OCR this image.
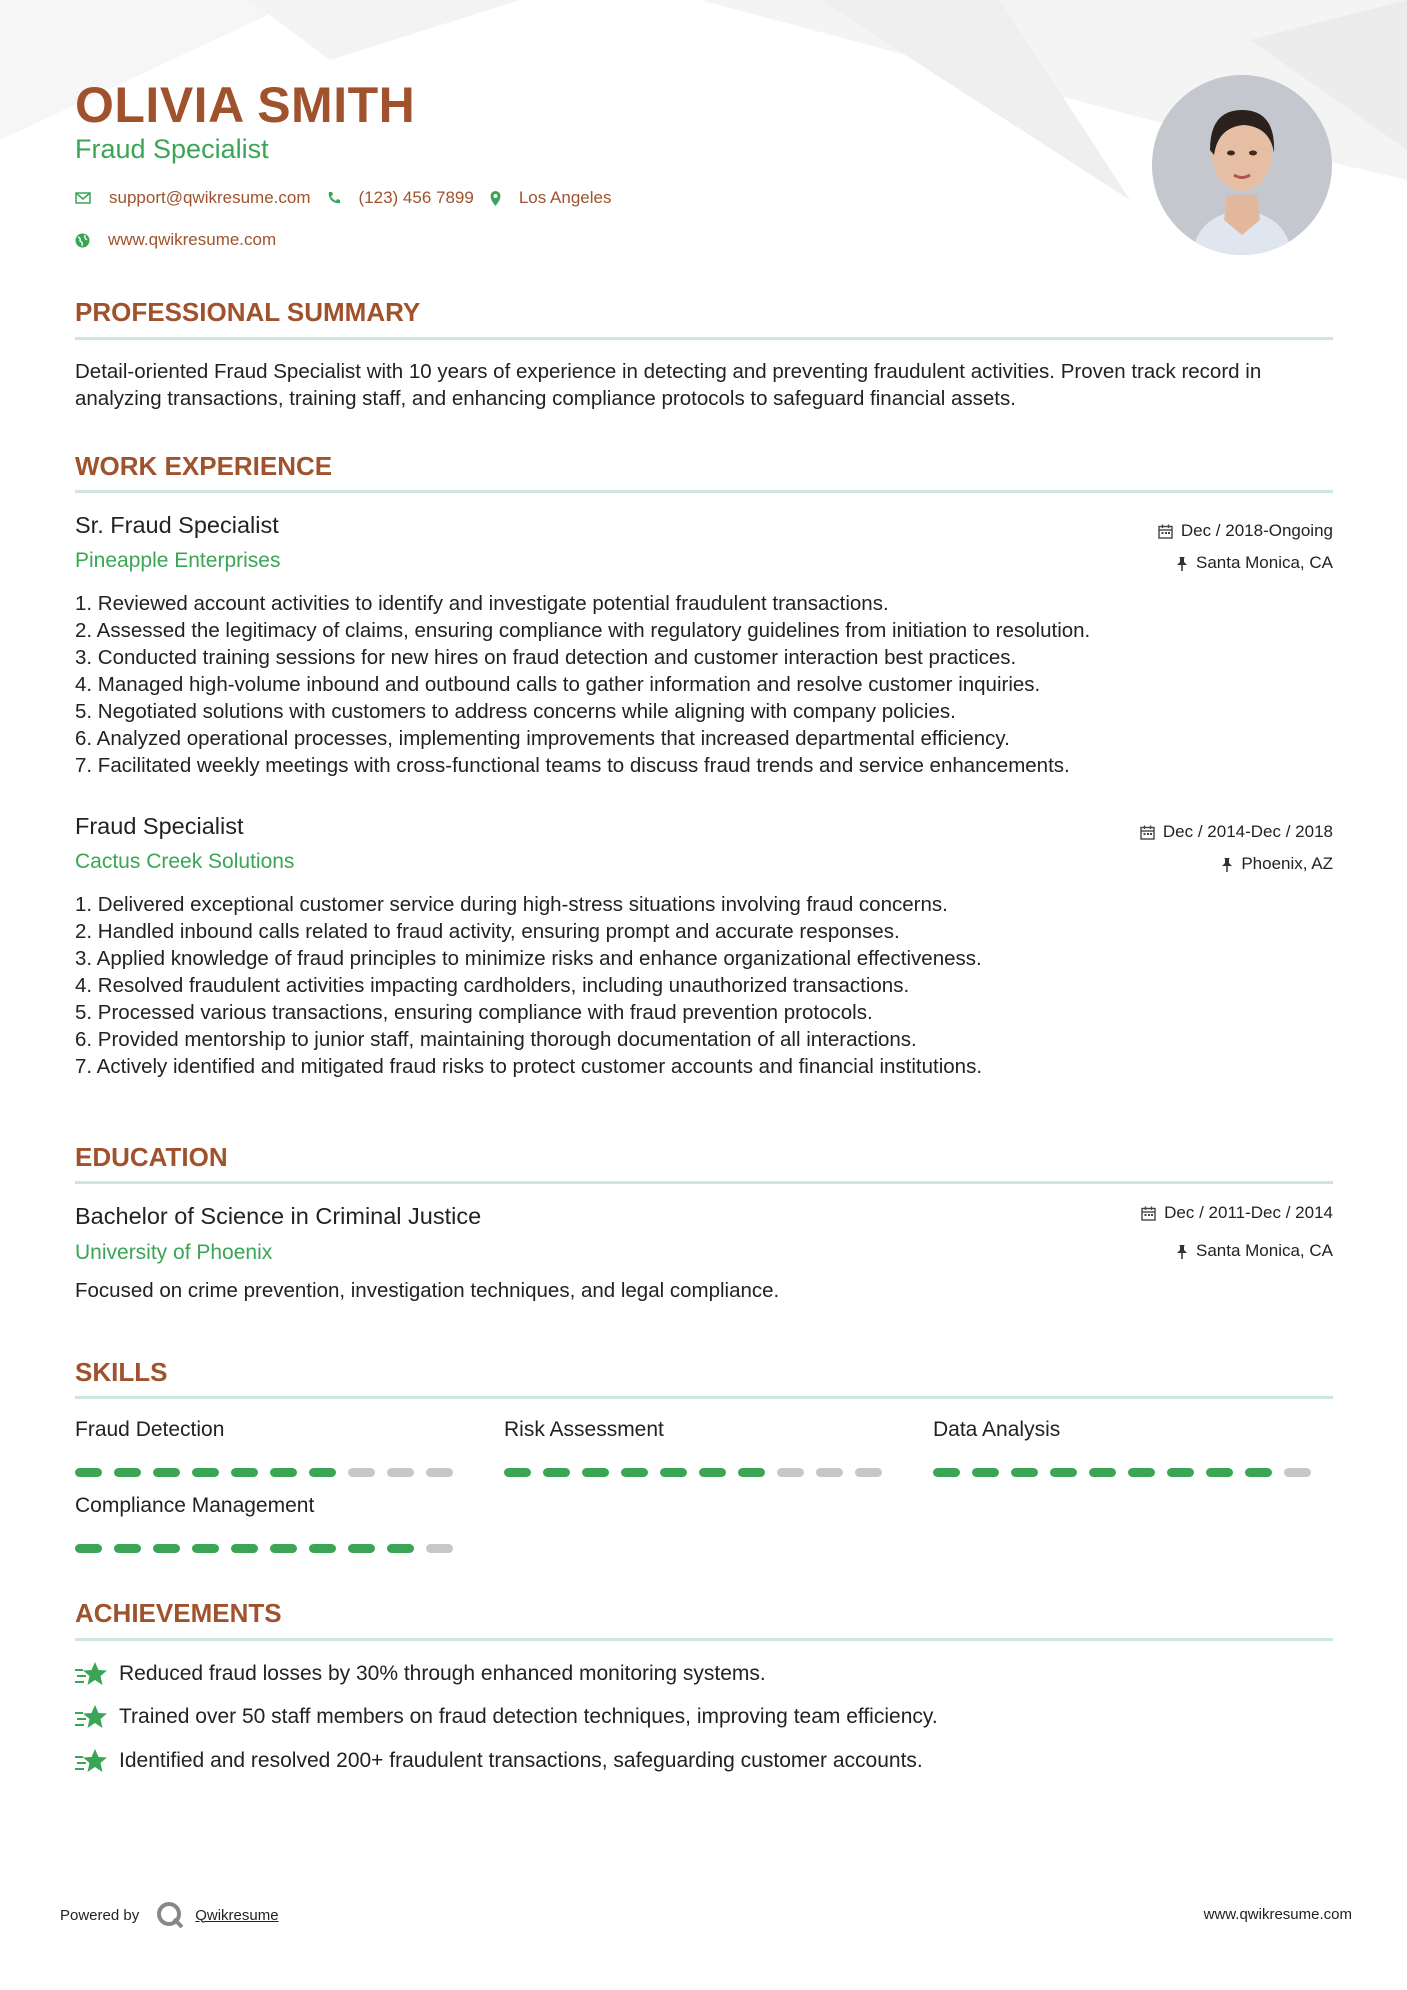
OLIVIA SMITH
Fraud Specialist
support@qwikresume.com	(123) 456 7899	Los Angeles
www.qwikresume.com
PROFESSIONAL SUMMARY
Detail-oriented Fraud Specialist with 10 years of experience in detecting and preventing fraudulent activities. Proven track record in analyzing transactions, training staff, and enhancing compliance protocols to safeguard financial assets.
WORK EXPERIENCE
Sr. Fraud Specialist	Dec / 2018-Ongoing
Pineapple Enterprises	Santa Monica, CA
1. Reviewed account activities to identify and investigate potential fraudulent transactions.
2. Assessed the legitimacy of claims, ensuring compliance with regulatory guidelines from initiation to resolution.
3. Conducted training sessions for new hires on fraud detection and customer interaction best practices.
4. Managed high-volume inbound and outbound calls to gather information and resolve customer inquiries.
5. Negotiated solutions with customers to address concerns while aligning with company policies.
6. Analyzed operational processes, implementing improvements that increased departmental efficiency.
7. Facilitated weekly meetings with cross-functional teams to discuss fraud trends and service enhancements.
Fraud Specialist	Dec / 2014-Dec / 2018
Cactus Creek Solutions	Phoenix, AZ
1. Delivered exceptional customer service during high-stress situations involving fraud concerns.
2. Handled inbound calls related to fraud activity, ensuring prompt and accurate responses.
3. Applied knowledge of fraud principles to minimize risks and enhance organizational effectiveness.
4. Resolved fraudulent activities impacting cardholders, including unauthorized transactions.
5. Processed various transactions, ensuring compliance with fraud prevention protocols.
6. Provided mentorship to junior staff, maintaining thorough documentation of all interactions.
7. Actively identified and mitigated fraud risks to protect customer accounts and financial institutions.
EDUCATION
Bachelor of Science in Criminal Justice	Dec / 2011-Dec / 2014
University of Phoenix	Santa Monica, CA
Focused on crime prevention, investigation techniques, and legal compliance.
SKILLS
Fraud Detection	Risk Assessment	Data Analysis
Compliance Management
ACHIEVEMENTS
Reduced fraud losses by 30% through enhanced monitoring systems.
Trained over 50 staff members on fraud detection techniques, improving team efficiency.
Identified and resolved 200+ fraudulent transactions, safeguarding customer accounts.
Powered by	Qwikresume	www.qwikresume.com
